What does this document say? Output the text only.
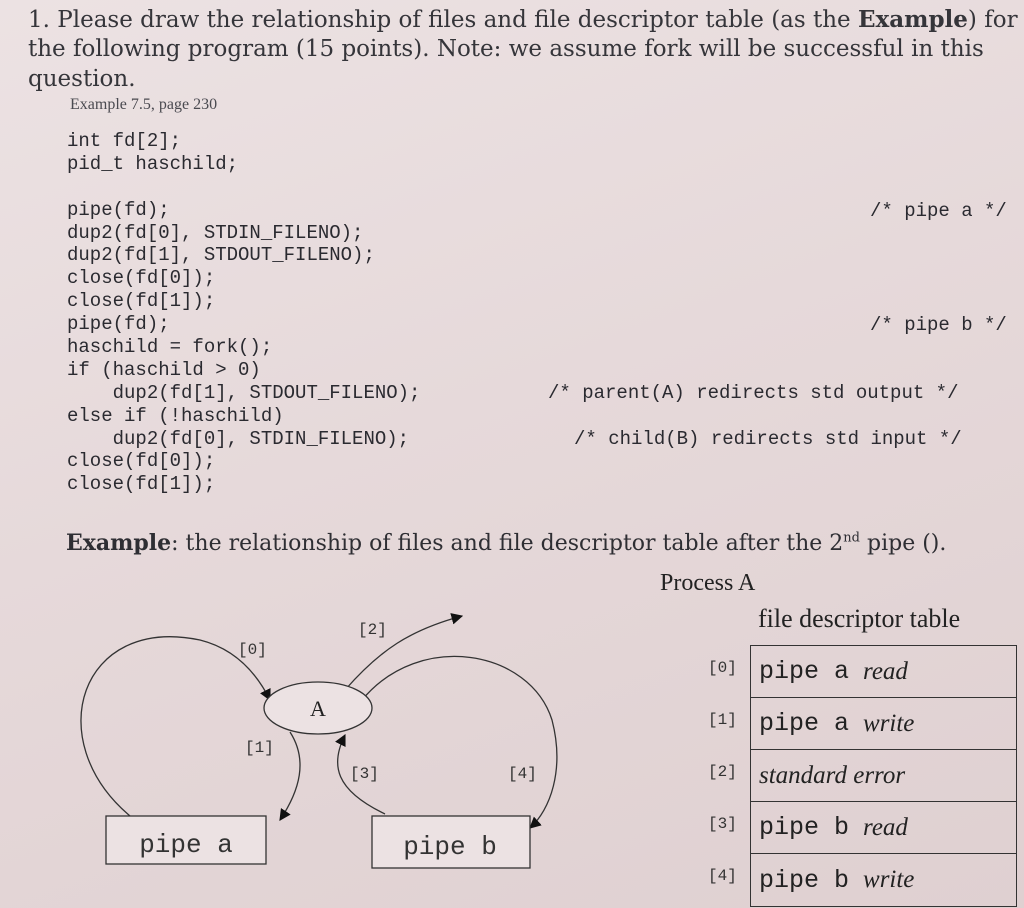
1. Please draw the relationship of files and file descriptor table (as the Example) for
the following program (15 points). Note: we assume fork will be successful in this
question.
Example 7.5, page 230
int fd[2];
pid_t haschild;
pipe(fd);
dup2(fd[0], STDIN_FILENO);
dup2(fd[1], STDOUT_FILENO);
close(fd[0]);
close(fd[1]);
pipe(fd);
haschild = fork();
if (haschild > 0)
dup2(fd[1], STDOUT_FILENO);
else if (!haschild)
dup2(fd[0], STDIN_FILENO);
close(fd[0]);
close(fd[1]);
/* pipe a */
/* pipe b */
/* parent(A) redirects std output */
/* child(B) redirects std input */
Example: the relationship of files and file descriptor table after the 2nd pipe ().
A
pipe a	pipe b
[0]
[1]
[2]
[3]	[4]
Process A
file descriptor table
[0]
[1]
[2]
[3]
[4]
pipe a read
pipe a write
standard error
pipe b read
pipe b write
